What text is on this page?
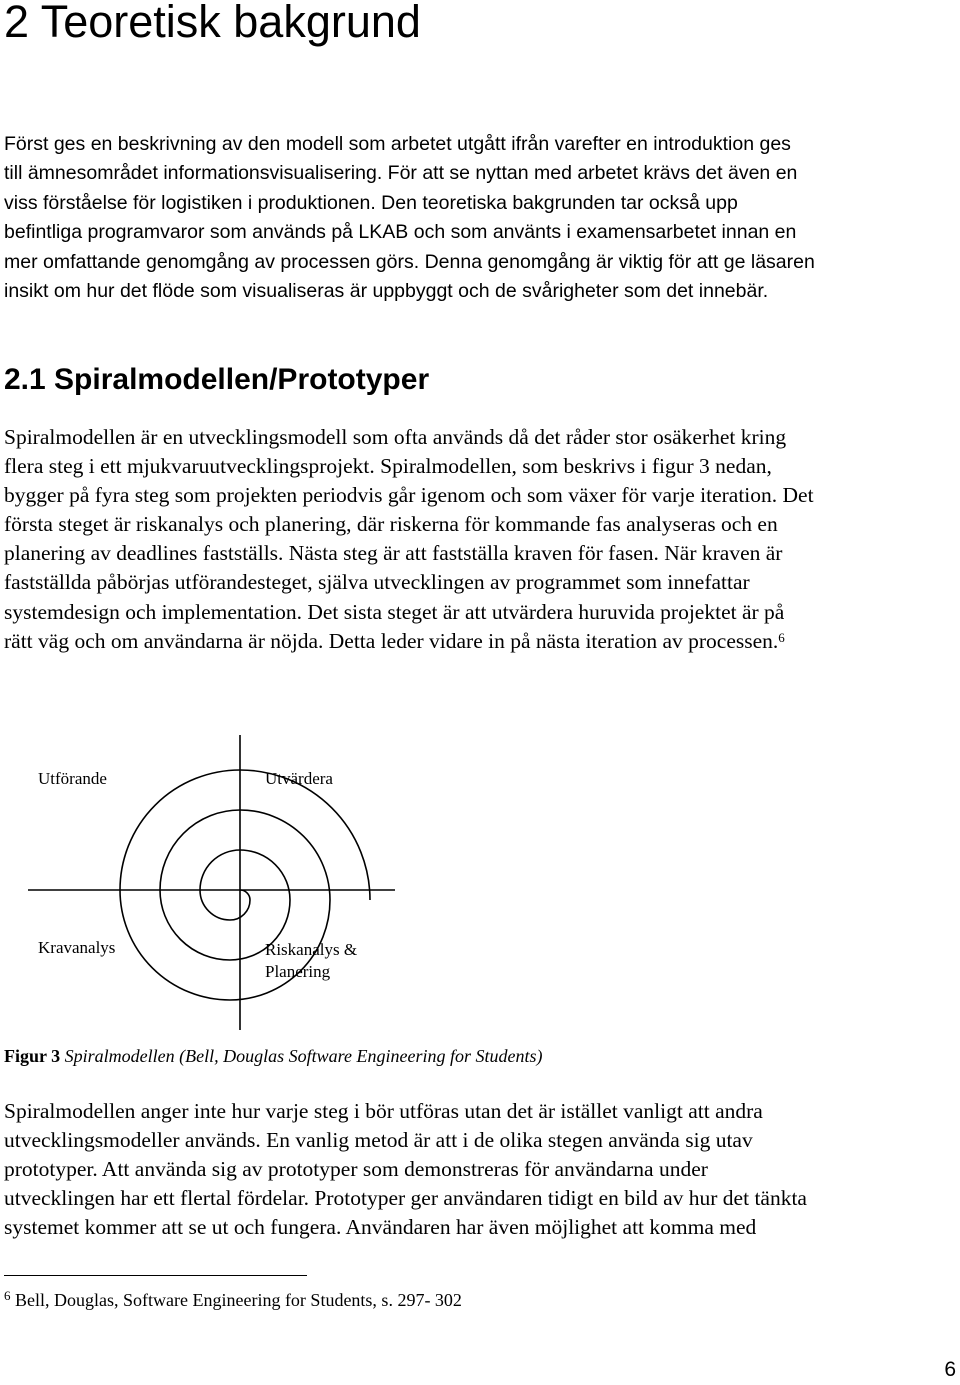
2 Teoretisk bakgrund

Först ges en beskrivning av den modell som arbetet utgått ifrån varefter en introduktion ges
till ämnesområdet informationsvisualisering. För att se nyttan med arbetet krävs det även en
viss förståelse för logistiken i produktionen. Den teoretiska bakgrunden tar också upp
befintliga programvaror som används på LKAB och som använts i examensarbetet innan en
mer omfattande genomgång av processen görs. Denna genomgång är viktig för att ge läsaren
insikt om hur det flöde som visualiseras är uppbyggt och de svårigheter som det innebär.

2.1 Spiralmodellen/Prototyper

Spiralmodellen är en utvecklingsmodell som ofta används då det råder stor osäkerhet kring
flera steg i ett mjukvaruutvecklingsprojekt. Spiralmodellen, som beskrivs i figur 3 nedan,
bygger på fyra steg som projekten periodvis går igenom och som växer för varje iteration. Det
första steget är riskanalys och planering, där riskerna för kommande fas analyseras och en
planering av deadlines fastställs. Nästa steg är att fastställa kraven för fasen. När kraven är
fastställda påbörjas utförandesteget, själva utvecklingen av programmet som innefattar
systemdesign och implementation. Det sista steget är att utvärdera huruvida projektet är på
rätt väg och om användarna är nöjda. Detta leder vidare in på nästa iteration av processen.$^6$

Utförande	Utvärdera
Kravanalys	Riskanalys &
Planering
Figur 3 Spiralmodellen (Bell, Douglas Software Engineering for Students)

Spiralmodellen anger inte hur varje steg i bör utföras utan det är istället vanligt att andra
utvecklingsmodeller används. En vanlig metod är att i de olika stegen använda sig utav
prototyper. Att använda sig av prototyper som demonstreras för användarna under
utvecklingen har ett flertal fördelar. Prototyper ger användaren tidigt en bild av hur det tänkta
systemet kommer att se ut och fungera. Användaren har även möjlighet att komma med

$^6$ Bell, Douglas, Software Engineering for Students, s. 297- 302
6
